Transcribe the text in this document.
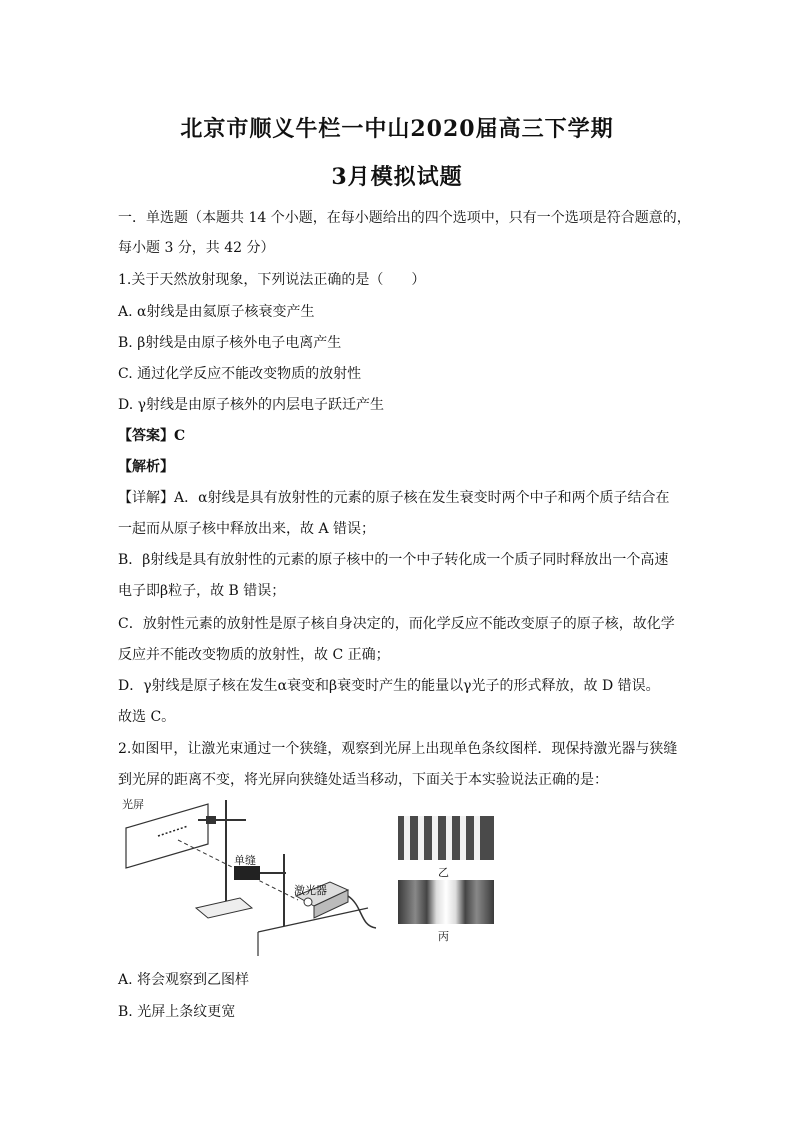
北京市顺义牛栏一中山2020届高三下学期
3月模拟试题
一．单选题（本题共 14 个小题，在每小题给出的四个选项中，只有一个选项是符合题意的，
每小题 3 分，共 42 分）
1.关于天然放射现象，下列说法正确的是（　　）
A. α射线是由氦原子核衰变产生
B. β射线是由原子核外电子电离产生
C. 通过化学反应不能改变物质的放射性
D. γ射线是由原子核外的内层电子跃迁产生
【答案】C
【解析】
【详解】A．α射线是具有放射性的元素的原子核在发生衰变时两个中子和两个质子结合在
一起而从原子核中释放出来，故 A 错误；
B．β射线是具有放射性的元素的原子核中的一个中子转化成一个质子同时释放出一个高速
电子即β粒子，故 B 错误；
C．放射性元素的放射性是原子核自身决定的，而化学反应不能改变原子的原子核，故化学
反应并不能改变物质的放射性，故 C 正确；
D．γ射线是原子核在发生α衰变和β衰变时产生的能量以γ光子的形式释放，故 D 错误。
故选 C。
2.如图甲，让激光束通过一个狭缝，观察到光屏上出现单色条纹图样．现保持激光器与狭缝
到光屏的距离不变，将光屏向狭缝处适当移动，下面关于本实验说法正确的是：
光屏
单缝
激光器
乙
丙
A. 将会观察到乙图样
B. 光屏上条纹更宽
